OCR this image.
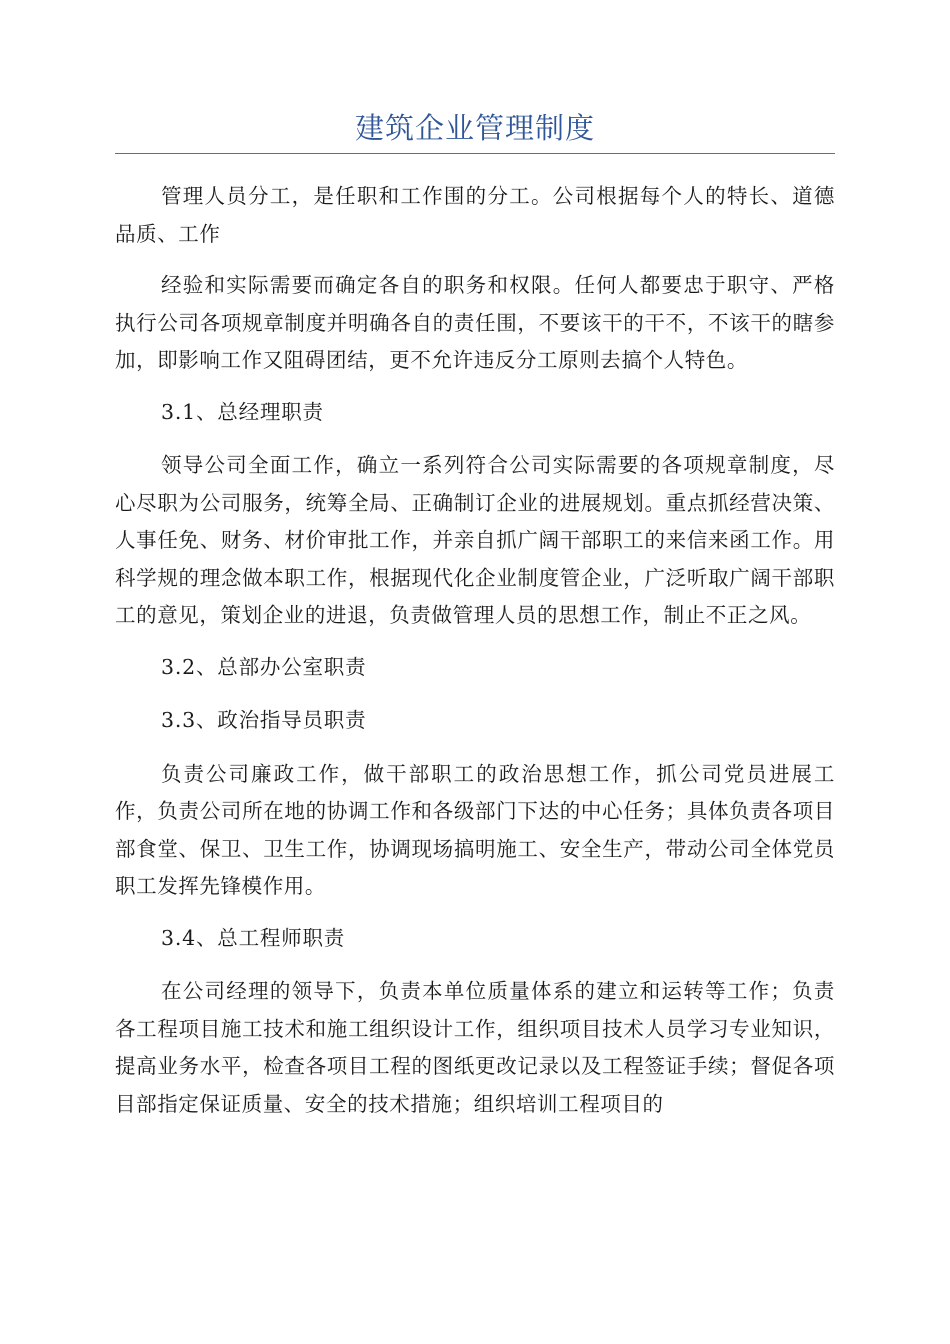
建筑企业管理制度

管理人员分工，是任职和工作围的分工。公司根据每个人的特长、道德品质、工作

经验和实际需要而确定各自的职务和权限。任何人都要忠于职守、严格执行公司各项规章制度并明确各自的责任围，不要该干的干不，不该干的瞎参加，即影响工作又阻碍团结，更不允许违反分工原则去搞个人特色。

3.1、总经理职责

领导公司全面工作，确立一系列符合公司实际需要的各项规章制度，尽心尽职为公司服务，统筹全局、正确制订企业的进展规划。重点抓经营决策、人事任免、财务、材价审批工作，并亲自抓广阔干部职工的来信来函工作。用科学规的理念做本职工作，根据现代化企业制度管企业，广泛听取广阔干部职工的意见，策划企业的进退，负责做管理人员的思想工作，制止不正之风。

3.2、总部办公室职责

3.3、政治指导员职责

负责公司廉政工作，做干部职工的政治思想工作，抓公司党员进展工作，负责公司所在地的协调工作和各级部门下达的中心任务；具体负责各项目部食堂、保卫、卫生工作，协调现场搞明施工、安全生产，带动公司全体党员职工发挥先锋模作用。

3.4、总工程师职责

在公司经理的领导下，负责本单位质量体系的建立和运转等工作；负责各工程项目施工技术和施工组织设计工作，组织项目技术人员学习专业知识，提高业务水平，检查各项目工程的图纸更改记录以及工程签证手续；督促各项目部指定保证质量、安全的技术措施；组织培训工程项目的
